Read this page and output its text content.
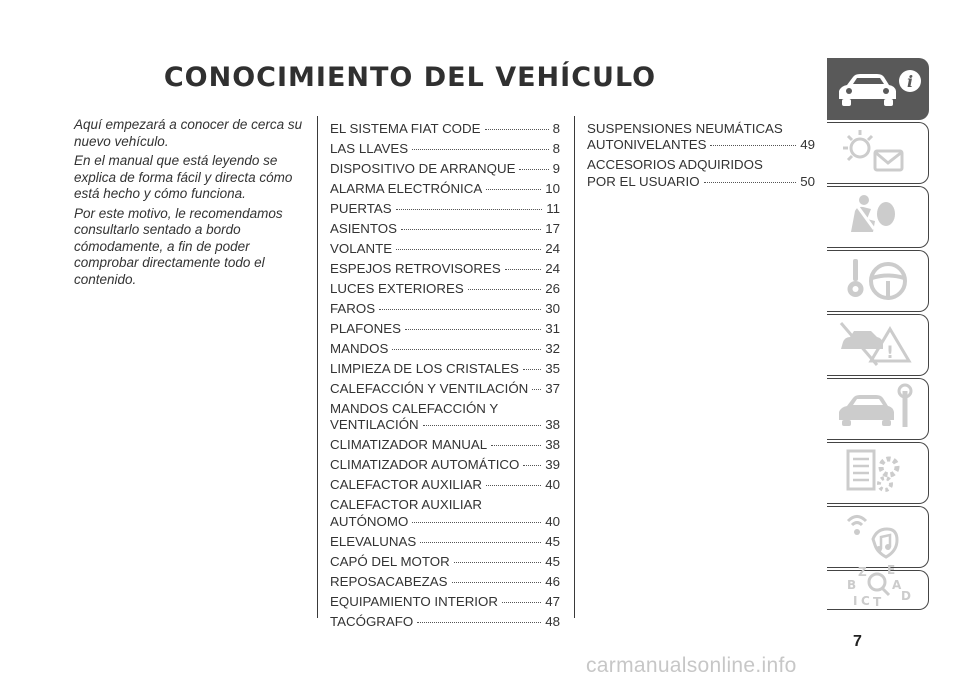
CONOCIMIENTO DEL VEHÍCULO

Aquí empezará a conocer de cerca su nuevo vehículo.

En el manual que está leyendo se explica de forma fácil y directa cómo está hecho y cómo funciona.

Por este motivo, le recomendamos consultarlo sentado a bordo cómodamente, a fin de poder comprobar directamente todo el contenido.

EL SISTEMA FIAT CODE	8
LAS LLAVES	8
DISPOSITIVO DE ARRANQUE	9
ALARMA ELECTRÓNICA	10
PUERTAS	11
ASIENTOS	17
VOLANTE	24
ESPEJOS RETROVISORES	24
LUCES EXTERIORES	26
FAROS	30
PLAFONES	31
MANDOS	32
LIMPIEZA DE LOS CRISTALES 35
CALEFACCIÓN Y VENTILACIÓN 37
MANDOS CALEFACCIÓN Y
VENTILACIÓN	38
CLIMATIZADOR MANUAL	38
CLIMATIZADOR AUTOMÁTICO 39
CALEFACTOR AUXILIAR	40
CALEFACTOR AUXILIAR
AUTÓNOMO	40
ELEVALUNAS	45
CAPÓ DEL MOTOR	45
REPOSACABEZAS	46
EQUIPAMIENTO INTERIOR	47
TACÓGRAFO	48
SUSPENSIONES NEUMÁTICAS
AUTONIVELANTES	49
ACCESORIOS ADQUIRIDOS
POR EL USUARIO	50
i
!
Z E
B	A
D
I C T
7
carmanualsonline.info
